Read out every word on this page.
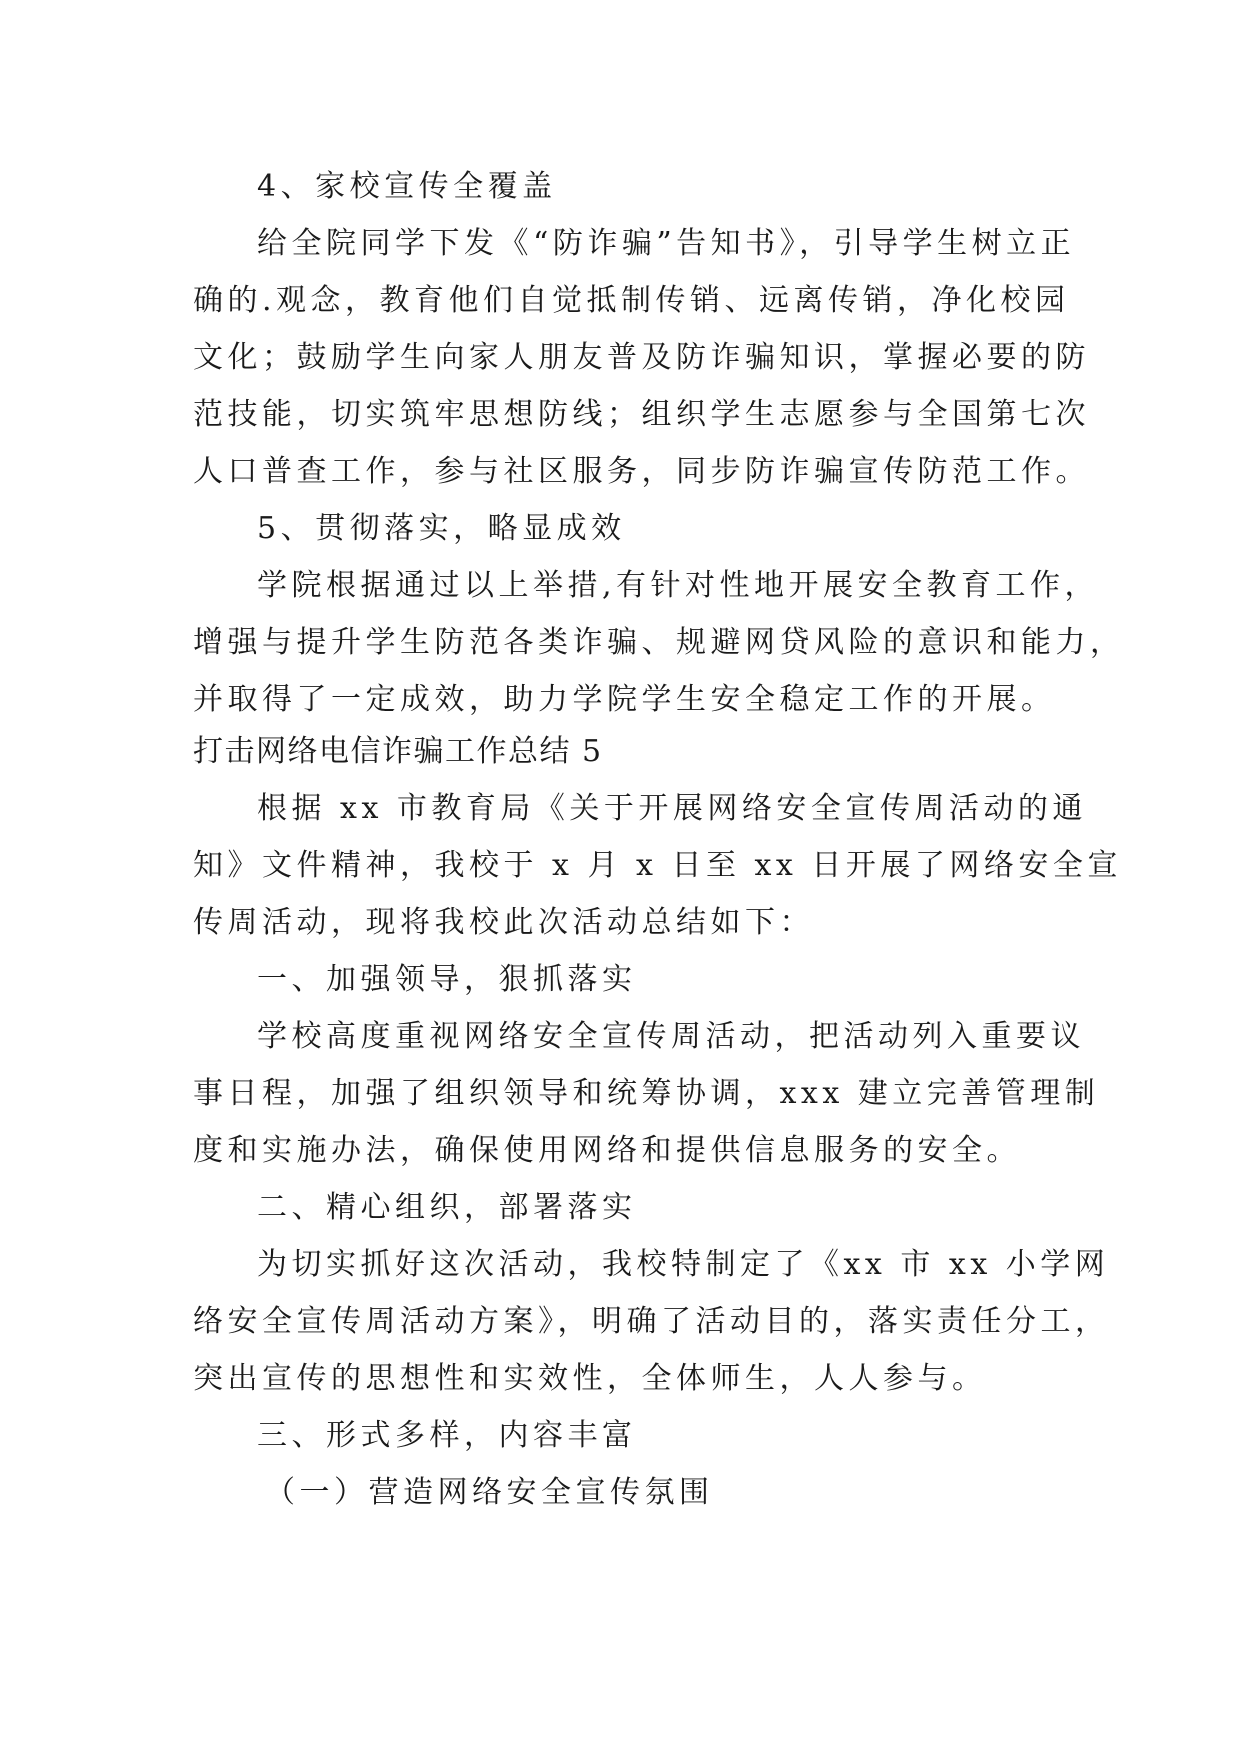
4、家校宣传全覆盖
给全院同学下发《“防诈骗”告知书》，引导学生树立正
确的.观念，教育他们自觉抵制传销、远离传销，净化校园
文化；鼓励学生向家人朋友普及防诈骗知识，掌握必要的防
范技能，切实筑牢思想防线；组织学生志愿参与全国第七次
人口普查工作，参与社区服务，同步防诈骗宣传防范工作。
5、贯彻落实，略显成效
学院根据通过以上举措,有针对性地开展安全教育工作，
增强与提升学生防范各类诈骗、规避网贷风险的意识和能力，
并取得了一定成效，助力学院学生安全稳定工作的开展。
打击网络电信诈骗工作总结 5
根据 xx 市教育局《关于开展网络安全宣传周活动的通
知》文件精神，我校于 x 月 x 日至 xx 日开展了网络安全宣
传周活动，现将我校此次活动总结如下：
一、加强领导，狠抓落实
学校高度重视网络安全宣传周活动，把活动列入重要议
事日程，加强了组织领导和统筹协调，xxx 建立完善管理制
度和实施办法，确保使用网络和提供信息服务的安全。
二、精心组织，部署落实
为切实抓好这次活动，我校特制定了《xx 市 xx 小学网
络安全宣传周活动方案》，明确了活动目的，落实责任分工，
突出宣传的思想性和实效性，全体师生，人人参与。
三、形式多样，内容丰富
（一）营造网络安全宣传氛围
